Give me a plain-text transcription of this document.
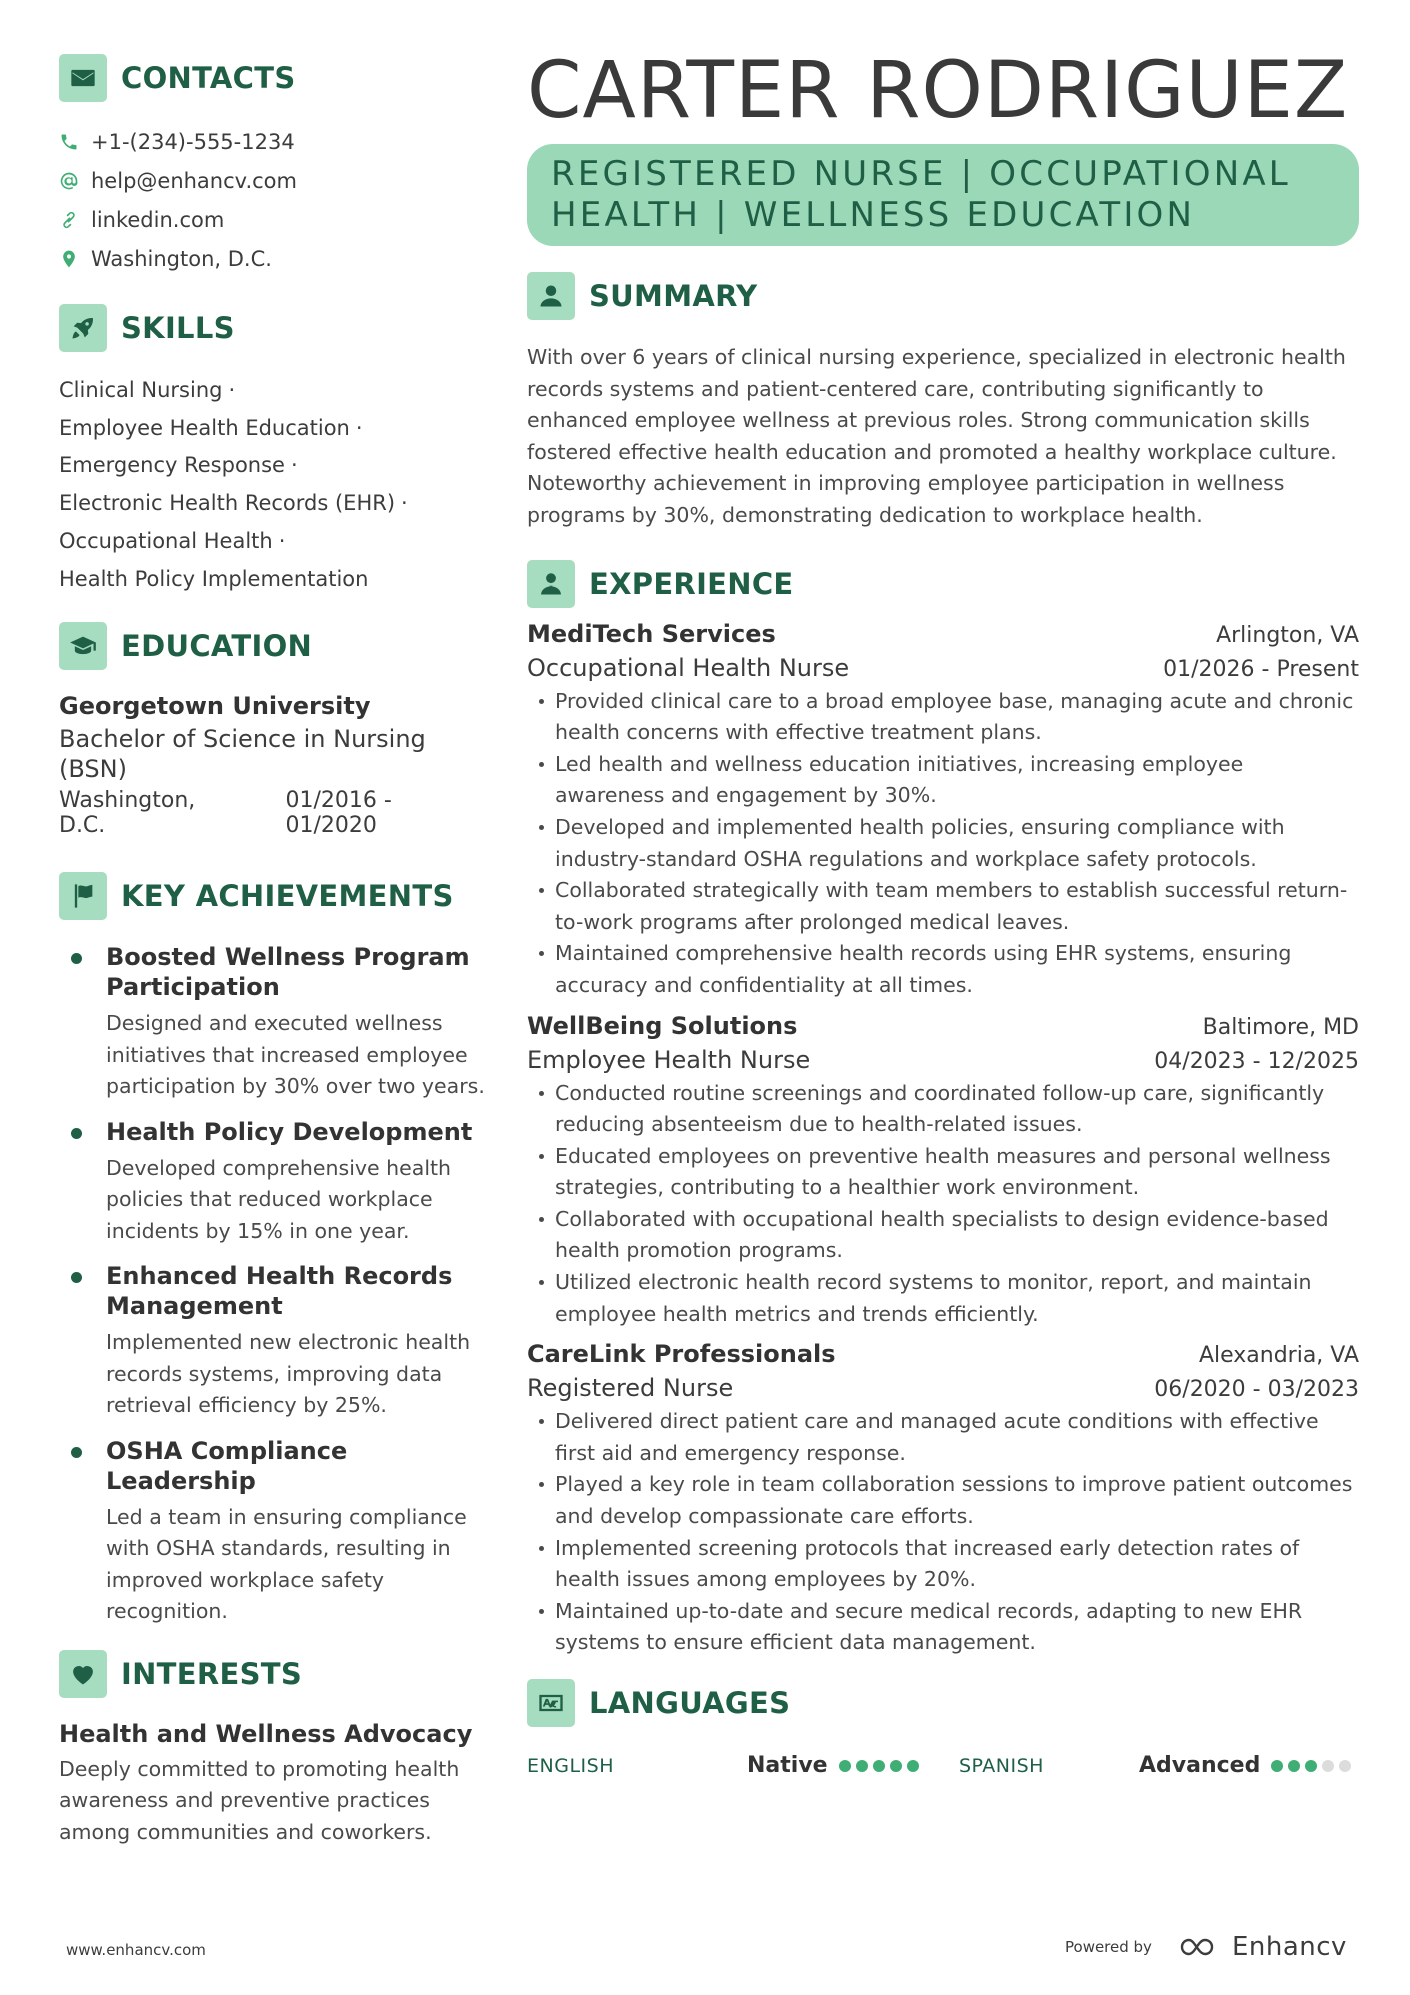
CONTACTS
+1-(234)-555-1234
help@enhancv.com
linkedin.com
Washington, D.C.
SKILLS
Clinical Nursing ·
Employee Health Education ·
Emergency Response ·
Electronic Health Records (EHR) ·
Occupational Health ·
Health Policy Implementation
EDUCATION
Georgetown University
Bachelor of Science in Nursing (BSN)
Washington, D.C.
01/2016 - 01/2020
KEY ACHIEVEMENTS
Boosted Wellness Program Participation
Designed and executed wellness initiatives that increased employee participation by 30% over two years.
Health Policy Development
Developed comprehensive health policies that reduced workplace incidents by 15% in one year.
Enhanced Health Records Management
Implemented new electronic health records systems, improving data retrieval efficiency by 25%.
OSHA Compliance Leadership
Led a team in ensuring compliance with OSHA standards, resulting in improved workplace safety recognition.
INTERESTS
Health and Wellness Advocacy
Deeply committed to promoting health awareness and preventive practices among communities and coworkers.
CARTER RODRIGUEZ
REGISTERED NURSE | OCCUPATIONAL HEALTH | WELLNESS EDUCATION
SUMMARY
With over 6 years of clinical nursing experience, specialized in electronic health records systems and patient-centered care, contributing significantly to enhanced employee wellness at previous roles. Strong communication skills fostered effective health education and promoted a healthy workplace culture. Noteworthy achievement in improving employee participation in wellness programs by 30%, demonstrating dedication to workplace health.
EXPERIENCE
MediTech Services	Arlington, VA
Occupational Health Nurse	01/2026 - Present
Provided clinical care to a broad employee base, managing acute and chronic health concerns with effective treatment plans.
Led health and wellness education initiatives, increasing employee awareness and engagement by 30%.
Developed and implemented health policies, ensuring compliance with industry-standard OSHA regulations and workplace safety protocols.
Collaborated strategically with team members to establish successful return-to-work programs after prolonged medical leaves.
Maintained comprehensive health records using EHR systems, ensuring accuracy and confidentiality at all times.
WellBeing Solutions	Baltimore, MD
Employee Health Nurse	04/2023 - 12/2025
Conducted routine screenings and coordinated follow-up care, significantly reducing absenteeism due to health-related issues.
Educated employees on preventive health measures and personal wellness strategies, contributing to a healthier work environment.
Collaborated with occupational health specialists to design evidence-based health promotion programs.
Utilized electronic health record systems to monitor, report, and maintain employee health metrics and trends efficiently.
CareLink Professionals	Alexandria, VA
Registered Nurse	06/2020 - 03/2023
Delivered direct patient care and managed acute conditions with effective first aid and emergency response.
Played a key role in team collaboration sessions to improve patient outcomes and develop compassionate care efforts.
Implemented screening protocols that increased early detection rates of health issues among employees by 20%.
Maintained up-to-date and secure medical records, adapting to new EHR systems to ensure efficient data management.
LANGUAGES
ENGLISH	Native	SPANISH	Advanced
www.enhancv.com	Powered by	Enhancv
